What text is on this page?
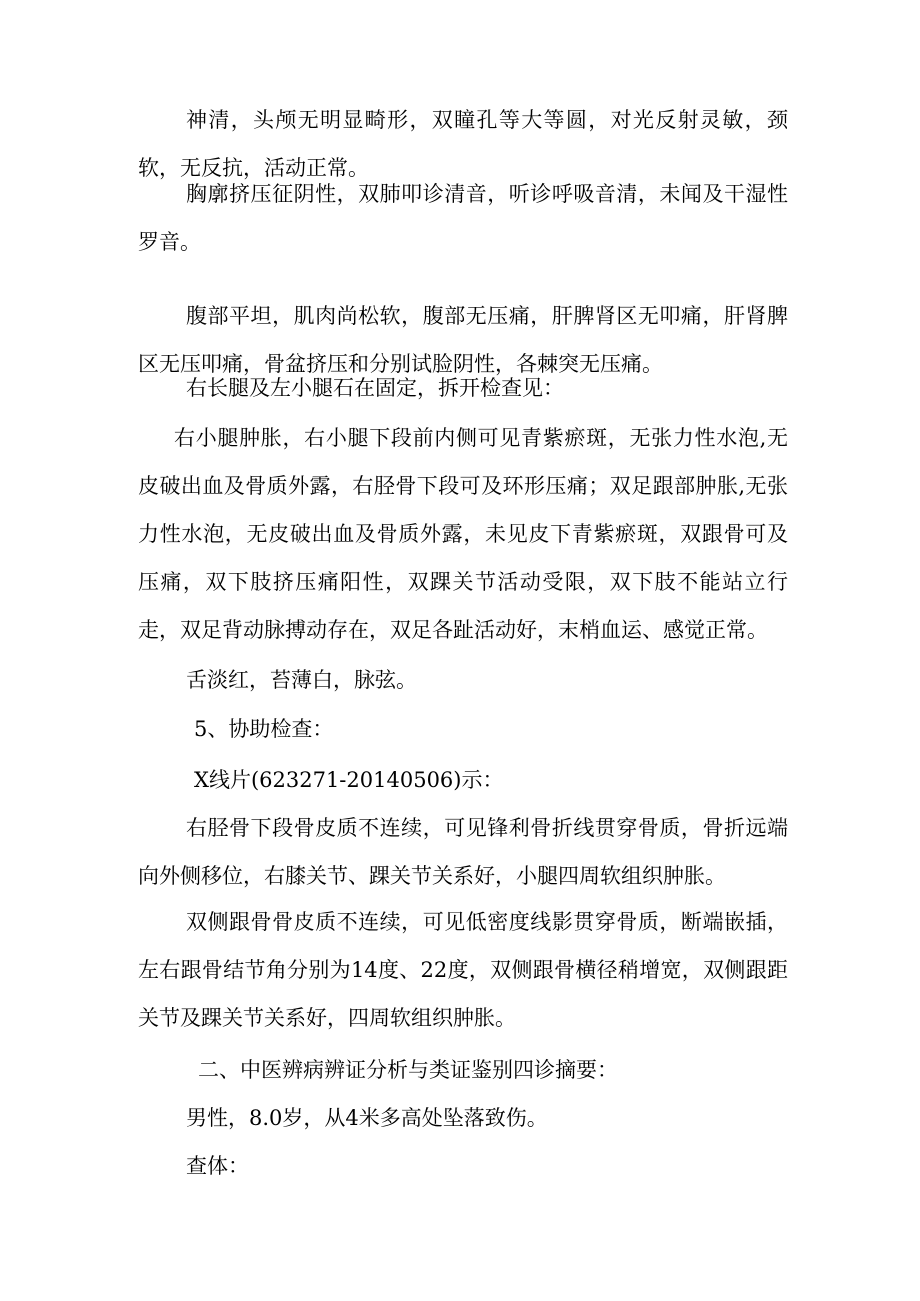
神清，头颅无明显畸形，双瞳孔等大等圆，对光反射灵敏，颈软，无反抗，活动正常。

胸廓挤压征阴性，双肺叩诊清音，听诊呼吸音清，未闻及干湿性罗音。

腹部平坦，肌肉尚松软，腹部无压痛，肝脾肾区无叩痛，肝肾脾区无压叩痛，骨盆挤压和分别试脸阴性，各棘突无压痛。

右长腿及左小腿石在固定，拆开检查见：

右小腿肿胀，右小腿下段前内侧可见青紫瘀斑，无张力性水泡,无皮破出血及骨质外露，右胫骨下段可及环形压痛；双足跟部肿胀,无张力性水泡，无皮破出血及骨质外露，未见皮下青紫瘀斑，双跟骨可及压痛，双下肢挤压痛阳性，双踝关节活动受限，双下肢不能站立行走，双足背动脉搏动存在，双足各趾活动好，末梢血运、感觉正常。

舌淡红，苔薄白，脉弦。

5、协助检查：

X线片(623271-20140506)示：

右胫骨下段骨皮质不连续，可见锋利骨折线贯穿骨质，骨折远端向外侧移位，右膝关节、踝关节关系好，小腿四周软组织肿胀。

双侧跟骨骨皮质不连续，可见低密度线影贯穿骨质，断端嵌插，左右跟骨结节角分别为14度、22度，双侧跟骨横径稍增宽，双侧跟距关节及踝关节关系好，四周软组织肿胀。

二、中医辨病辨证分析与类证鉴别四诊摘要：

男性，8.0岁，从4米多高处坠落致伤。

查体：
